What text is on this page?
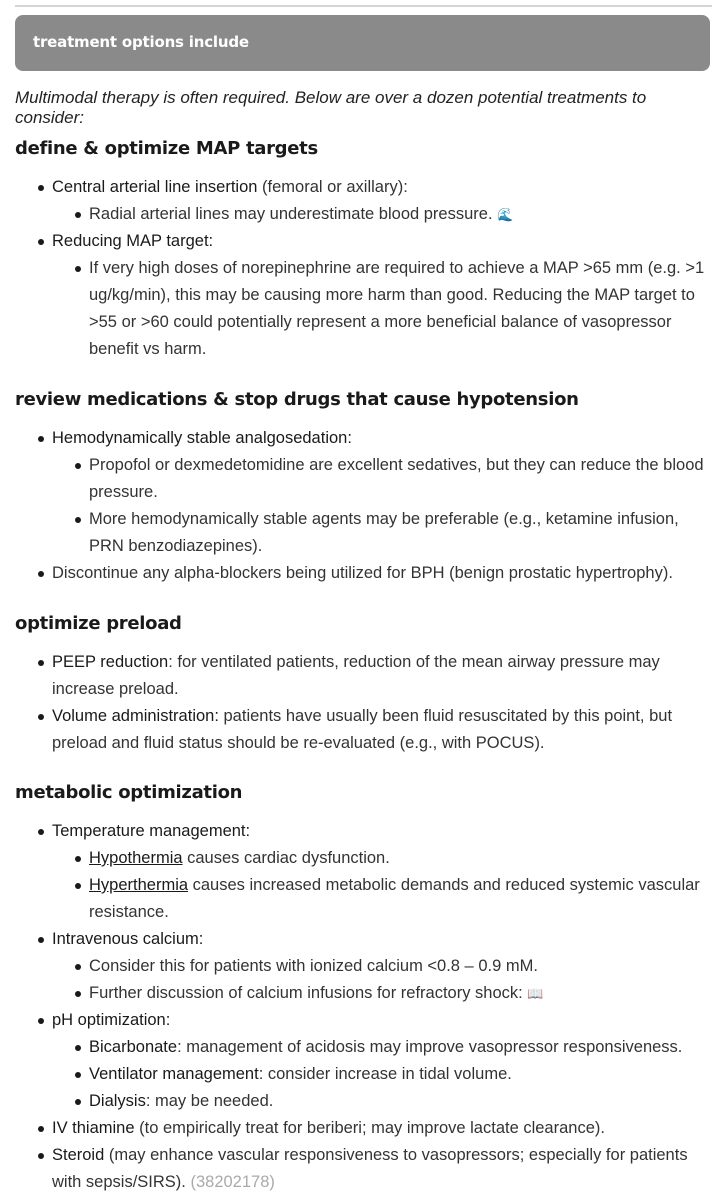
treatment options include
Multimodal therapy is often required. Below are over a dozen potential treatments to consider:
define & optimize MAP targets
Central arterial line insertion (femoral or axillary):
Radial arterial lines may underestimate blood pressure. 🌊
Reducing MAP target:
If very high doses of norepinephrine are required to achieve a MAP >65 mm (e.g. >1 ug/kg/min), this may be causing more harm than good. Reducing the MAP target to >55 or >60 could potentially represent a more beneficial balance of vasopressor benefit vs harm.
review medications & stop drugs that cause hypotension
Hemodynamically stable analgosedation:
Propofol or dexmedetomidine are excellent sedatives, but they can reduce the blood pressure.
More hemodynamically stable agents may be preferable (e.g., ketamine infusion, PRN benzodiazepines).
Discontinue any alpha-blockers being utilized for BPH (benign prostatic hypertrophy).
optimize preload
PEEP reduction: for ventilated patients, reduction of the mean airway pressure may increase preload.
Volume administration: patients have usually been fluid resuscitated by this point, but preload and fluid status should be re-evaluated (e.g., with POCUS).
metabolic optimization
Temperature management:
Hypothermia causes cardiac dysfunction.
Hyperthermia causes increased metabolic demands and reduced systemic vascular resistance.
Intravenous calcium:
Consider this for patients with ionized calcium <0.8 – 0.9 mM.
Further discussion of calcium infusions for refractory shock: 📖
pH optimization:
Bicarbonate: management of acidosis may improve vasopressor responsiveness.
Ventilator management: consider increase in tidal volume.
Dialysis: may be needed.
IV thiamine (to empirically treat for beriberi; may improve lactate clearance).
Steroid (may enhance vascular responsiveness to vasopressors; especially for patients with sepsis/SIRS). (38202178)
